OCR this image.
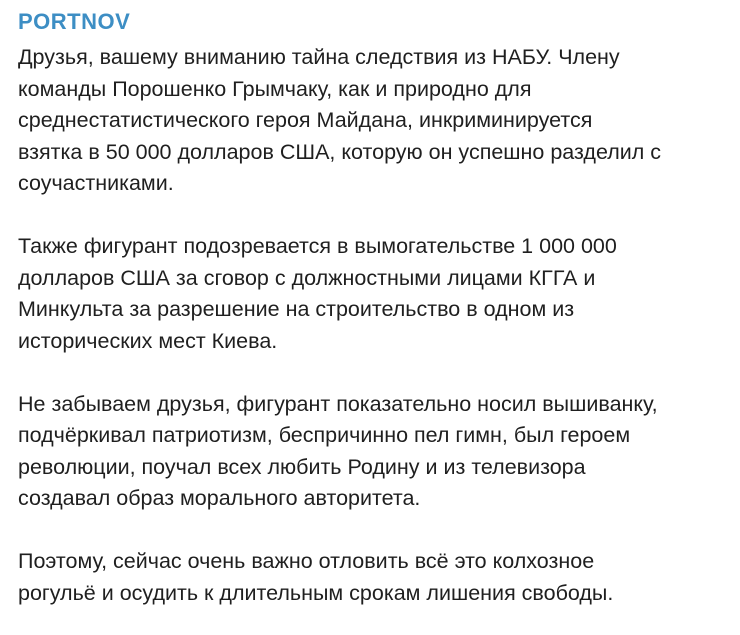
PORTNOV
Друзья, вашему вниманию тайна следствия из НАБУ. Члену
команды Порошенко Грымчаку, как и природно для
среднестатистического героя Майдана, инкриминируется
взятка в 50 000 долларов США, которую он успешно разделил с
соучастниками.
Также фигурант подозревается в вымогательстве 1 000 000
долларов США за сговор с должностными лицами КГГА и
Минкульта за разрешение на строительство в одном из
исторических мест Киева.
Не забываем друзья, фигурант показательно носил вышиванку,
подчёркивал патриотизм, беспричинно пел гимн, был героем
революции, поучал всех любить Родину и из телевизора
создавал образ морального авторитета.
Поэтому, сейчас очень важно отловить всё это колхозное
рогульё и осудить к длительным срокам лишения свободы.
